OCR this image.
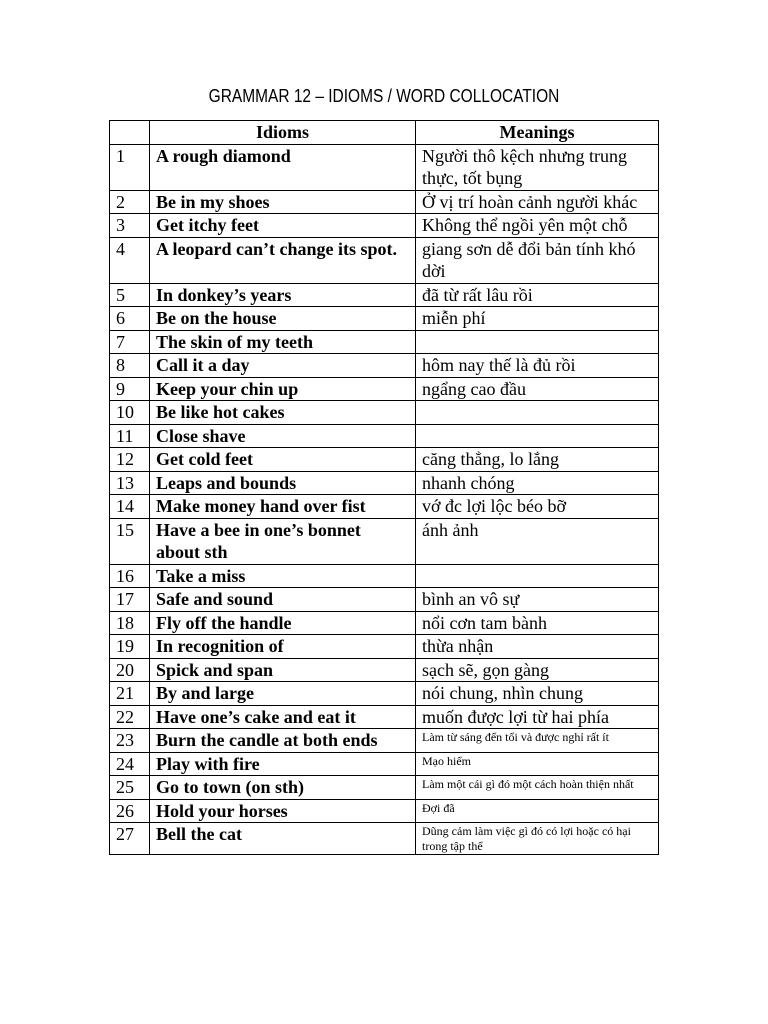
GRAMMAR 12 – IDIOMS / WORD COLLOCATION
	Idioms	Meanings
1	A rough diamond	Người thô kệch nhưng trung thực, tốt bụng
2	Be in my shoes	Ở vị trí hoàn cảnh người khác
3	Get itchy feet	Không thể ngồi yên một chỗ
4	A leopard can’t change its spot.	giang sơn dễ đổi bản tính khó dời
5	In donkey’s years	đã từ rất lâu rồi
6	Be on the house	miễn phí
7	The skin of my teeth	
8	Call it a day	hôm nay thế là đủ rồi
9	Keep your chin up	ngẩng cao đầu
10	Be like hot cakes	
11	Close shave	
12	Get cold feet	căng thẳng, lo lắng
13	Leaps and bounds	nhanh chóng
14	Make money hand over fist	vớ đc lợi lộc béo bỡ
15	Have a bee in one’s bonnet about sth	ánh ảnh
16	Take a miss	
17	Safe and sound	bình an vô sự
18	Fly off the handle	nổi cơn tam bành
19	In recognition of	thừa nhận
20	Spick and span	sạch sẽ, gọn gàng
21	By and large	nói chung, nhìn chung
22	Have one’s cake and eat it	muốn được lợi từ hai phía
23	Burn the candle at both ends	Làm từ sáng đến tối và được nghỉ rất ít
24	Play with fire	Mạo hiểm
25	Go to town (on sth)	Làm một cái gì đó một cách hoàn thiện nhất
26	Hold your horses	Đợi đã
27	Bell the cat	Dũng cảm làm việc gì đó có lợi hoặc có hại trong tập thể
